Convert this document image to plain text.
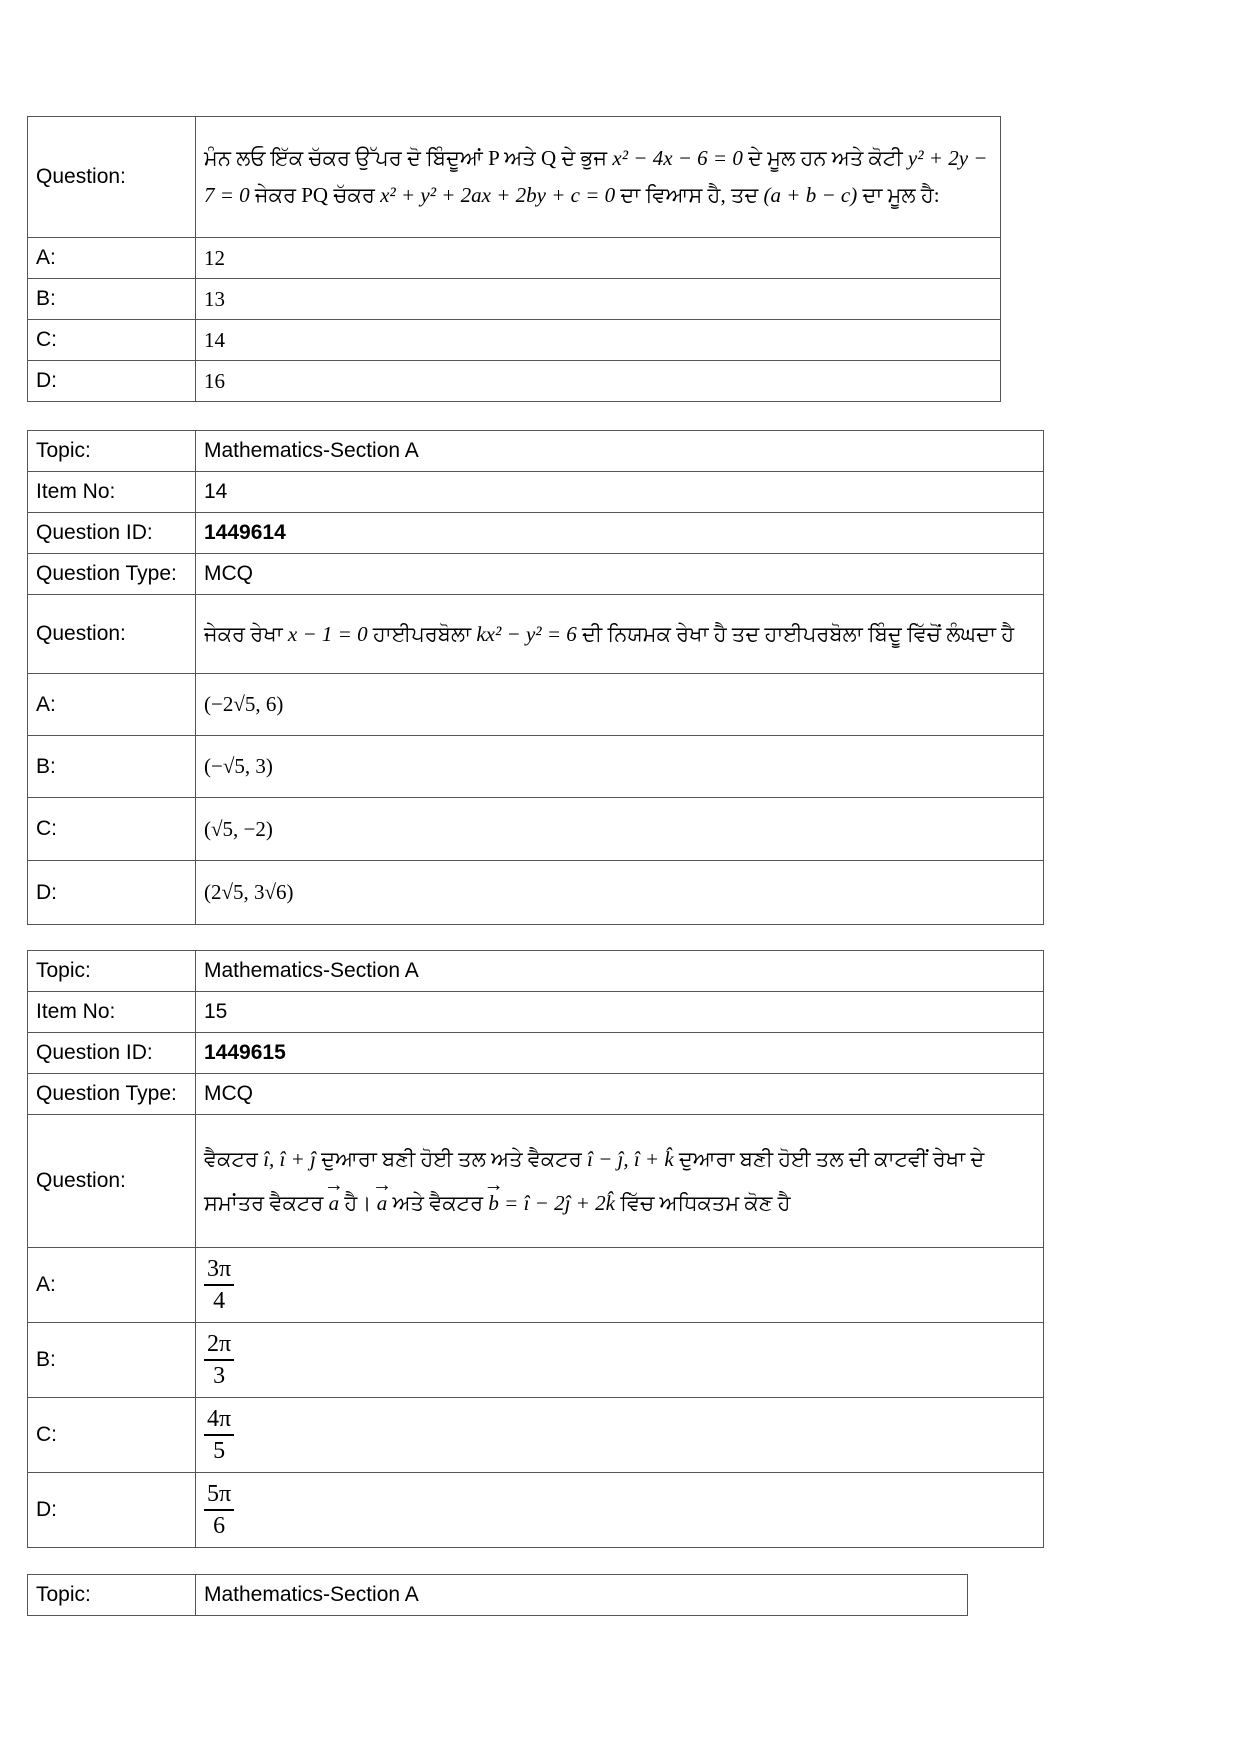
Question:	ਮੰਨ ਲਓ ਇੱਕ ਚੱਕਰ ਉੱਪਰ ਦੋ ਬਿੰਦੂਆਂ P ਅਤੇ Q ਦੇ ਭੁਜ x² − 4x − 6 = 0 ਦੇ ਮੂਲ ਹਨ ਅਤੇ ਕੋਟੀ y² + 2y − 7 = 0 ਜੇਕਰ PQ ਚੱਕਰ x² + y² + 2ax + 2by + c = 0 ਦਾ ਵਿਆਸ ਹੈ, ਤਦ (a + b − c) ਦਾ ਮੂਲ ਹੈ:
A:	12
B:	13
C:	14
D:	16
Topic:	Mathematics-Section A
Item No:	14
Question ID:	1449614
Question Type:	MCQ
Question:	ਜੇਕਰ ਰੇਖਾ x − 1 = 0 ਹਾਈਪਰਬੋਲਾ kx² − y² = 6 ਦੀ ਨਿਯਮਕ ਰੇਖਾ ਹੈ ਤਦ ਹਾਈਪਰਬੋਲਾ ਬਿੰਦੂ ਵਿੱਚੋਂ ਲੰਘਦਾ ਹੈ
A:	(−2√5, 6)
B:	(−√5, 3)
C:	(√5, −2)
D:	(2√5, 3√6)
Topic:	Mathematics-Section A
Item No:	15
Question ID:	1449615
Question Type:	MCQ
Question:	ਵੈਕਟਰ î, î + ĵ ਦੁਆਰਾ ਬਣੀ ਹੋਈ ਤਲ ਅਤੇ ਵੈਕਟਰ î − ĵ, î + k̂ ਦੁਆਰਾ ਬਣੀ ਹੋਈ ਤਲ ਦੀ ਕਾਟਵੀਂ ਰੇਖਾ ਦੇ ਸਮਾਂਤਰ ਵੈਕਟਰ → a ਹੈ। → a ਅਤੇ ਵੈਕਟਰ → b = î − 2ĵ + 2k̂ ਵਿੱਚ ਅਧਿਕਤਮ ਕੋਣ ਹੈ
A:	$\frac{3\pi}{4}$

B:	$\frac{2\pi}{3}$

C:	$\frac{4\pi}{5}$

D:	$\frac{5\pi}{6}$
Topic:	Mathematics-Section A
